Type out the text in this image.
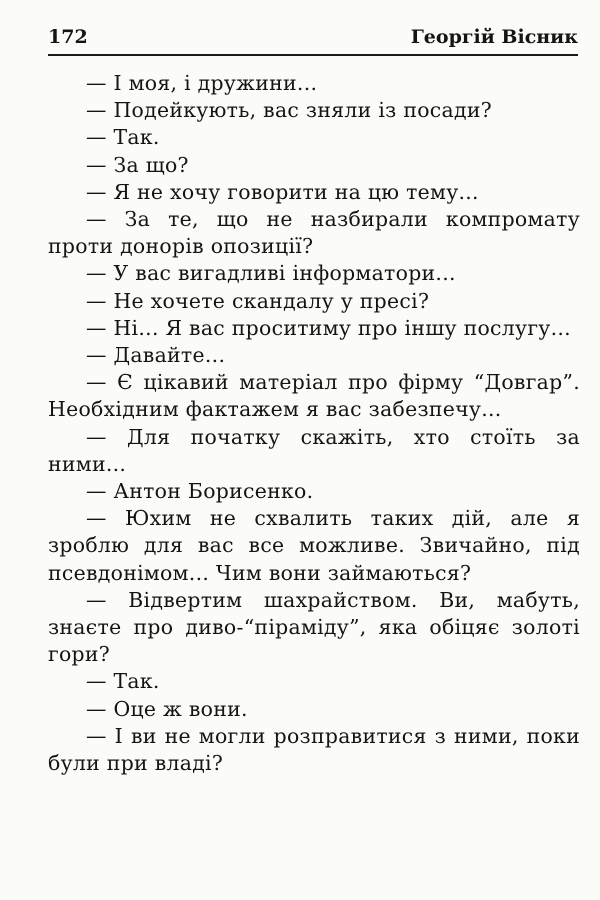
172	Георгій Вісник

— І моя, і дружини...

— Подейкують, вас зняли із посади?

— Так.

— За що?

— Я не хочу говорити на цю тему...

— За те, що не назбирали компромату проти донорів опозиції?

— У вас вигадливі інформатори...

— Не хочете скандалу у пресі?

— Ні... Я вас проситиму про іншу послугу...

— Давайте...

— Є цікавий матеріал про фірму “Довгар”. Необхідним фактажем я вас забезпечу...

— Для початку скажіть, хто стоїть за ними...

— Антон Борисенко.

— Юхим не схвалить таких дій, але я зроблю для вас все можливе. Звичайно, під псевдонімом... Чим вони займаються?

— Відвертим шахрайством. Ви, мабуть, знаєте про диво-“піраміду”, яка обіцяє золоті гори?

— Так.

— Оце ж вони.

— І ви не могли розправитися з ними, поки були при владі?
